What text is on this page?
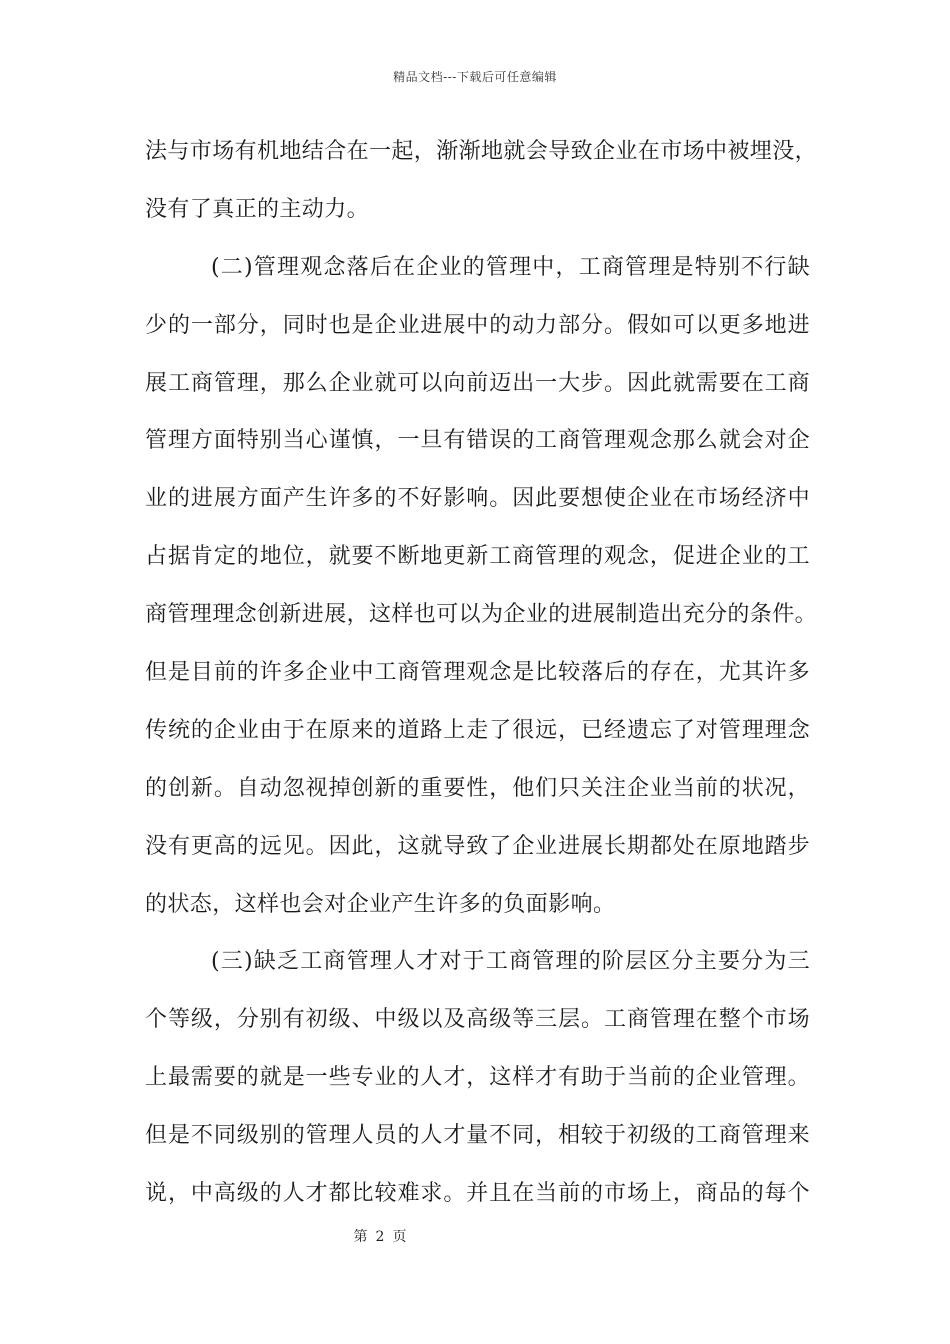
精品文档---下载后可任意编辑
法与市场有机地结合在一起，渐渐地就会导致企业在市场中被埋没，
没有了真正的主动力。
(二)管理观念落后在企业的管理中，工商管理是特别不行缺
少的一部分，同时也是企业进展中的动力部分。假如可以更多地进
展工商管理，那么企业就可以向前迈出一大步。因此就需要在工商
管理方面特别当心谨慎，一旦有错误的工商管理观念那么就会对企
业的进展方面产生许多的不好影响。因此要想使企业在市场经济中
占据肯定的地位，就要不断地更新工商管理的观念，促进企业的工
商管理理念创新进展，这样也可以为企业的进展制造出充分的条件。
但是目前的许多企业中工商管理观念是比较落后的存在，尤其许多
传统的企业由于在原来的道路上走了很远，已经遗忘了对管理理念
的创新。自动忽视掉创新的重要性，他们只关注企业当前的状况，
没有更高的远见。因此，这就导致了企业进展长期都处在原地踏步
的状态，这样也会对企业产生许多的负面影响。
(三)缺乏工商管理人才对于工商管理的阶层区分主要分为三
个等级，分别有初级、中级以及高级等三层。工商管理在整个市场
上最需要的就是一些专业的人才，这样才有助于当前的企业管理。
但是不同级别的管理人员的人才量不同，相较于初级的工商管理来
说，中高级的人才都比较难求。并且在当前的市场上，商品的每个
第 2 页
